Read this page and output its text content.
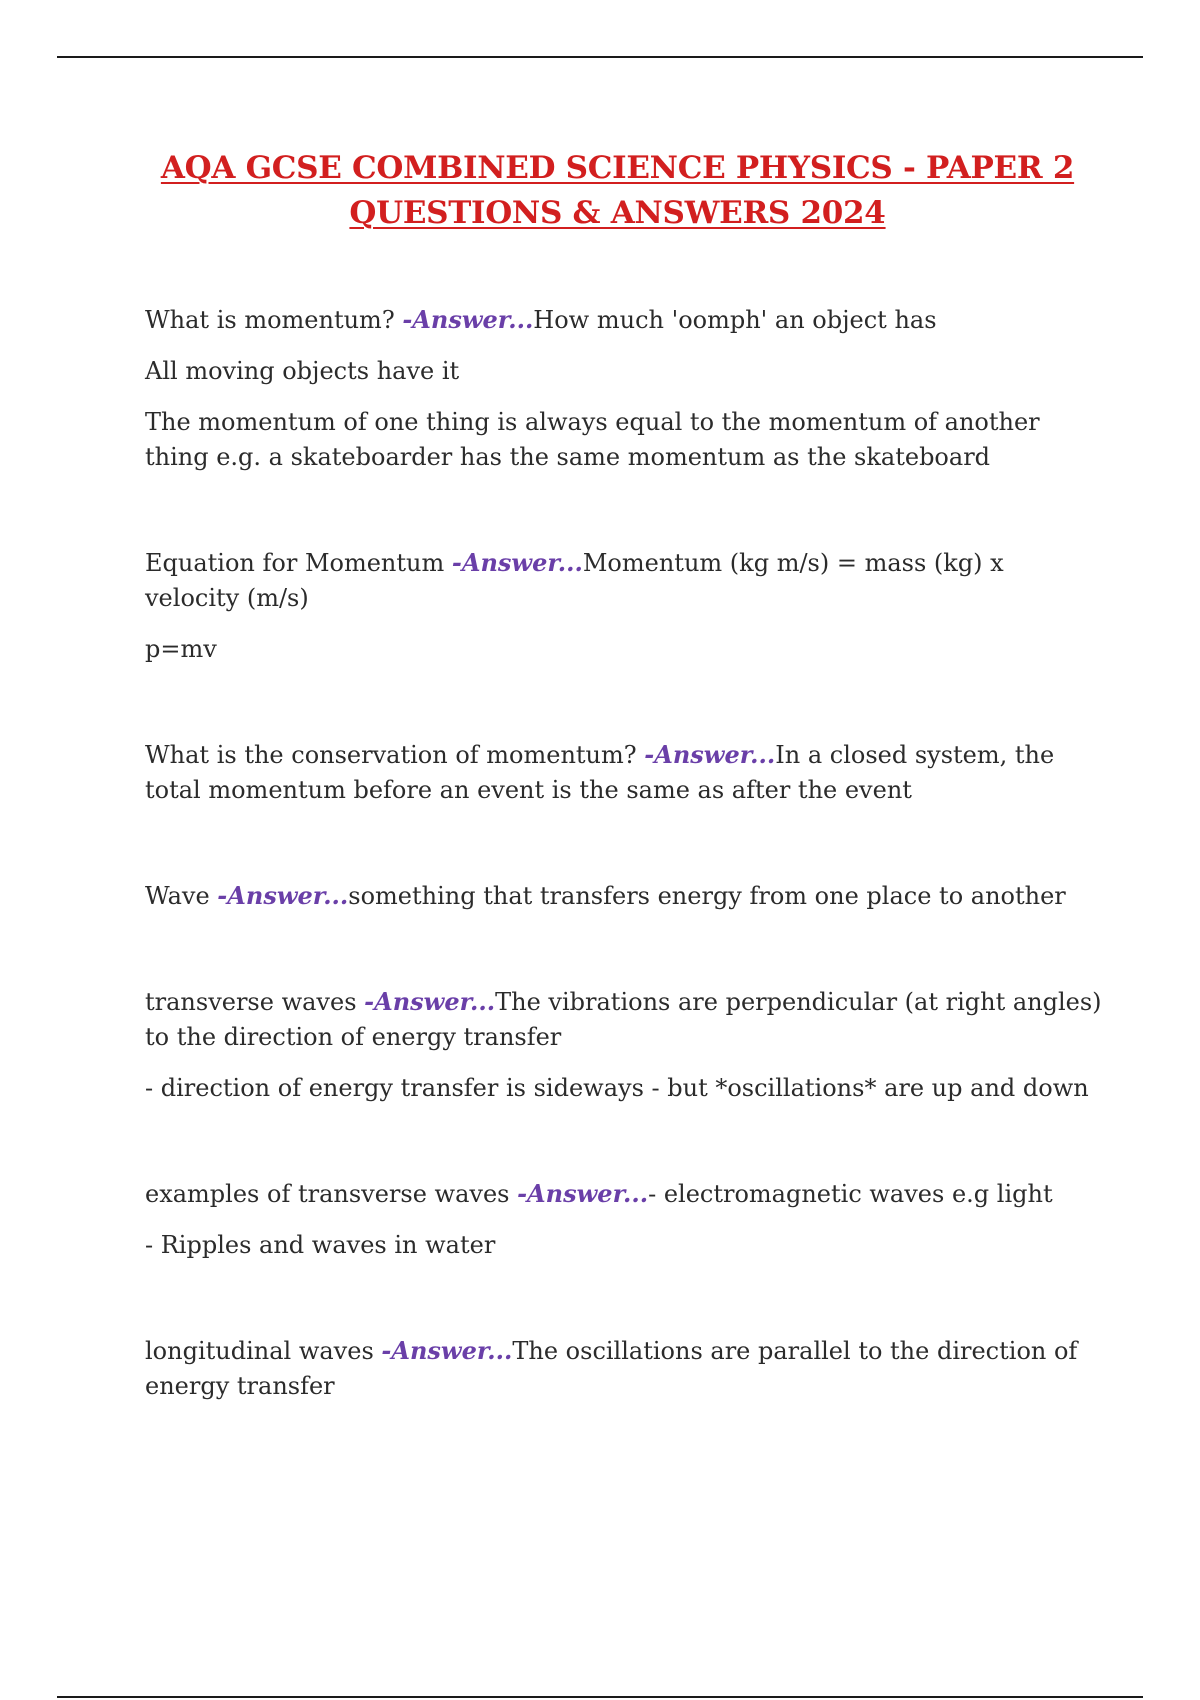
AQA GCSE COMBINED SCIENCE PHYSICS - PAPER 2
QUESTIONS & ANSWERS 2024

What is momentum? -Answer...How much 'oomph' an object has

All moving objects have it

The momentum of one thing is always equal to the momentum of another thing e.g. a skateboarder has the same momentum as the skateboard

Equation for Momentum -Answer...Momentum (kg m/s) = mass (kg) x velocity (m/s)

p=mv

What is the conservation of momentum? -Answer...In a closed system, the total momentum before an event is the same as after the event

Wave -Answer...something that transfers energy from one place to another

transverse waves -Answer...The vibrations are perpendicular (at right angles) to the direction of energy transfer

- direction of energy transfer is sideways - but *oscillations* are up and down

examples of transverse waves -Answer...- electromagnetic waves e.g light

- Ripples and waves in water

longitudinal waves -Answer...The oscillations are parallel to the direction of energy transfer
